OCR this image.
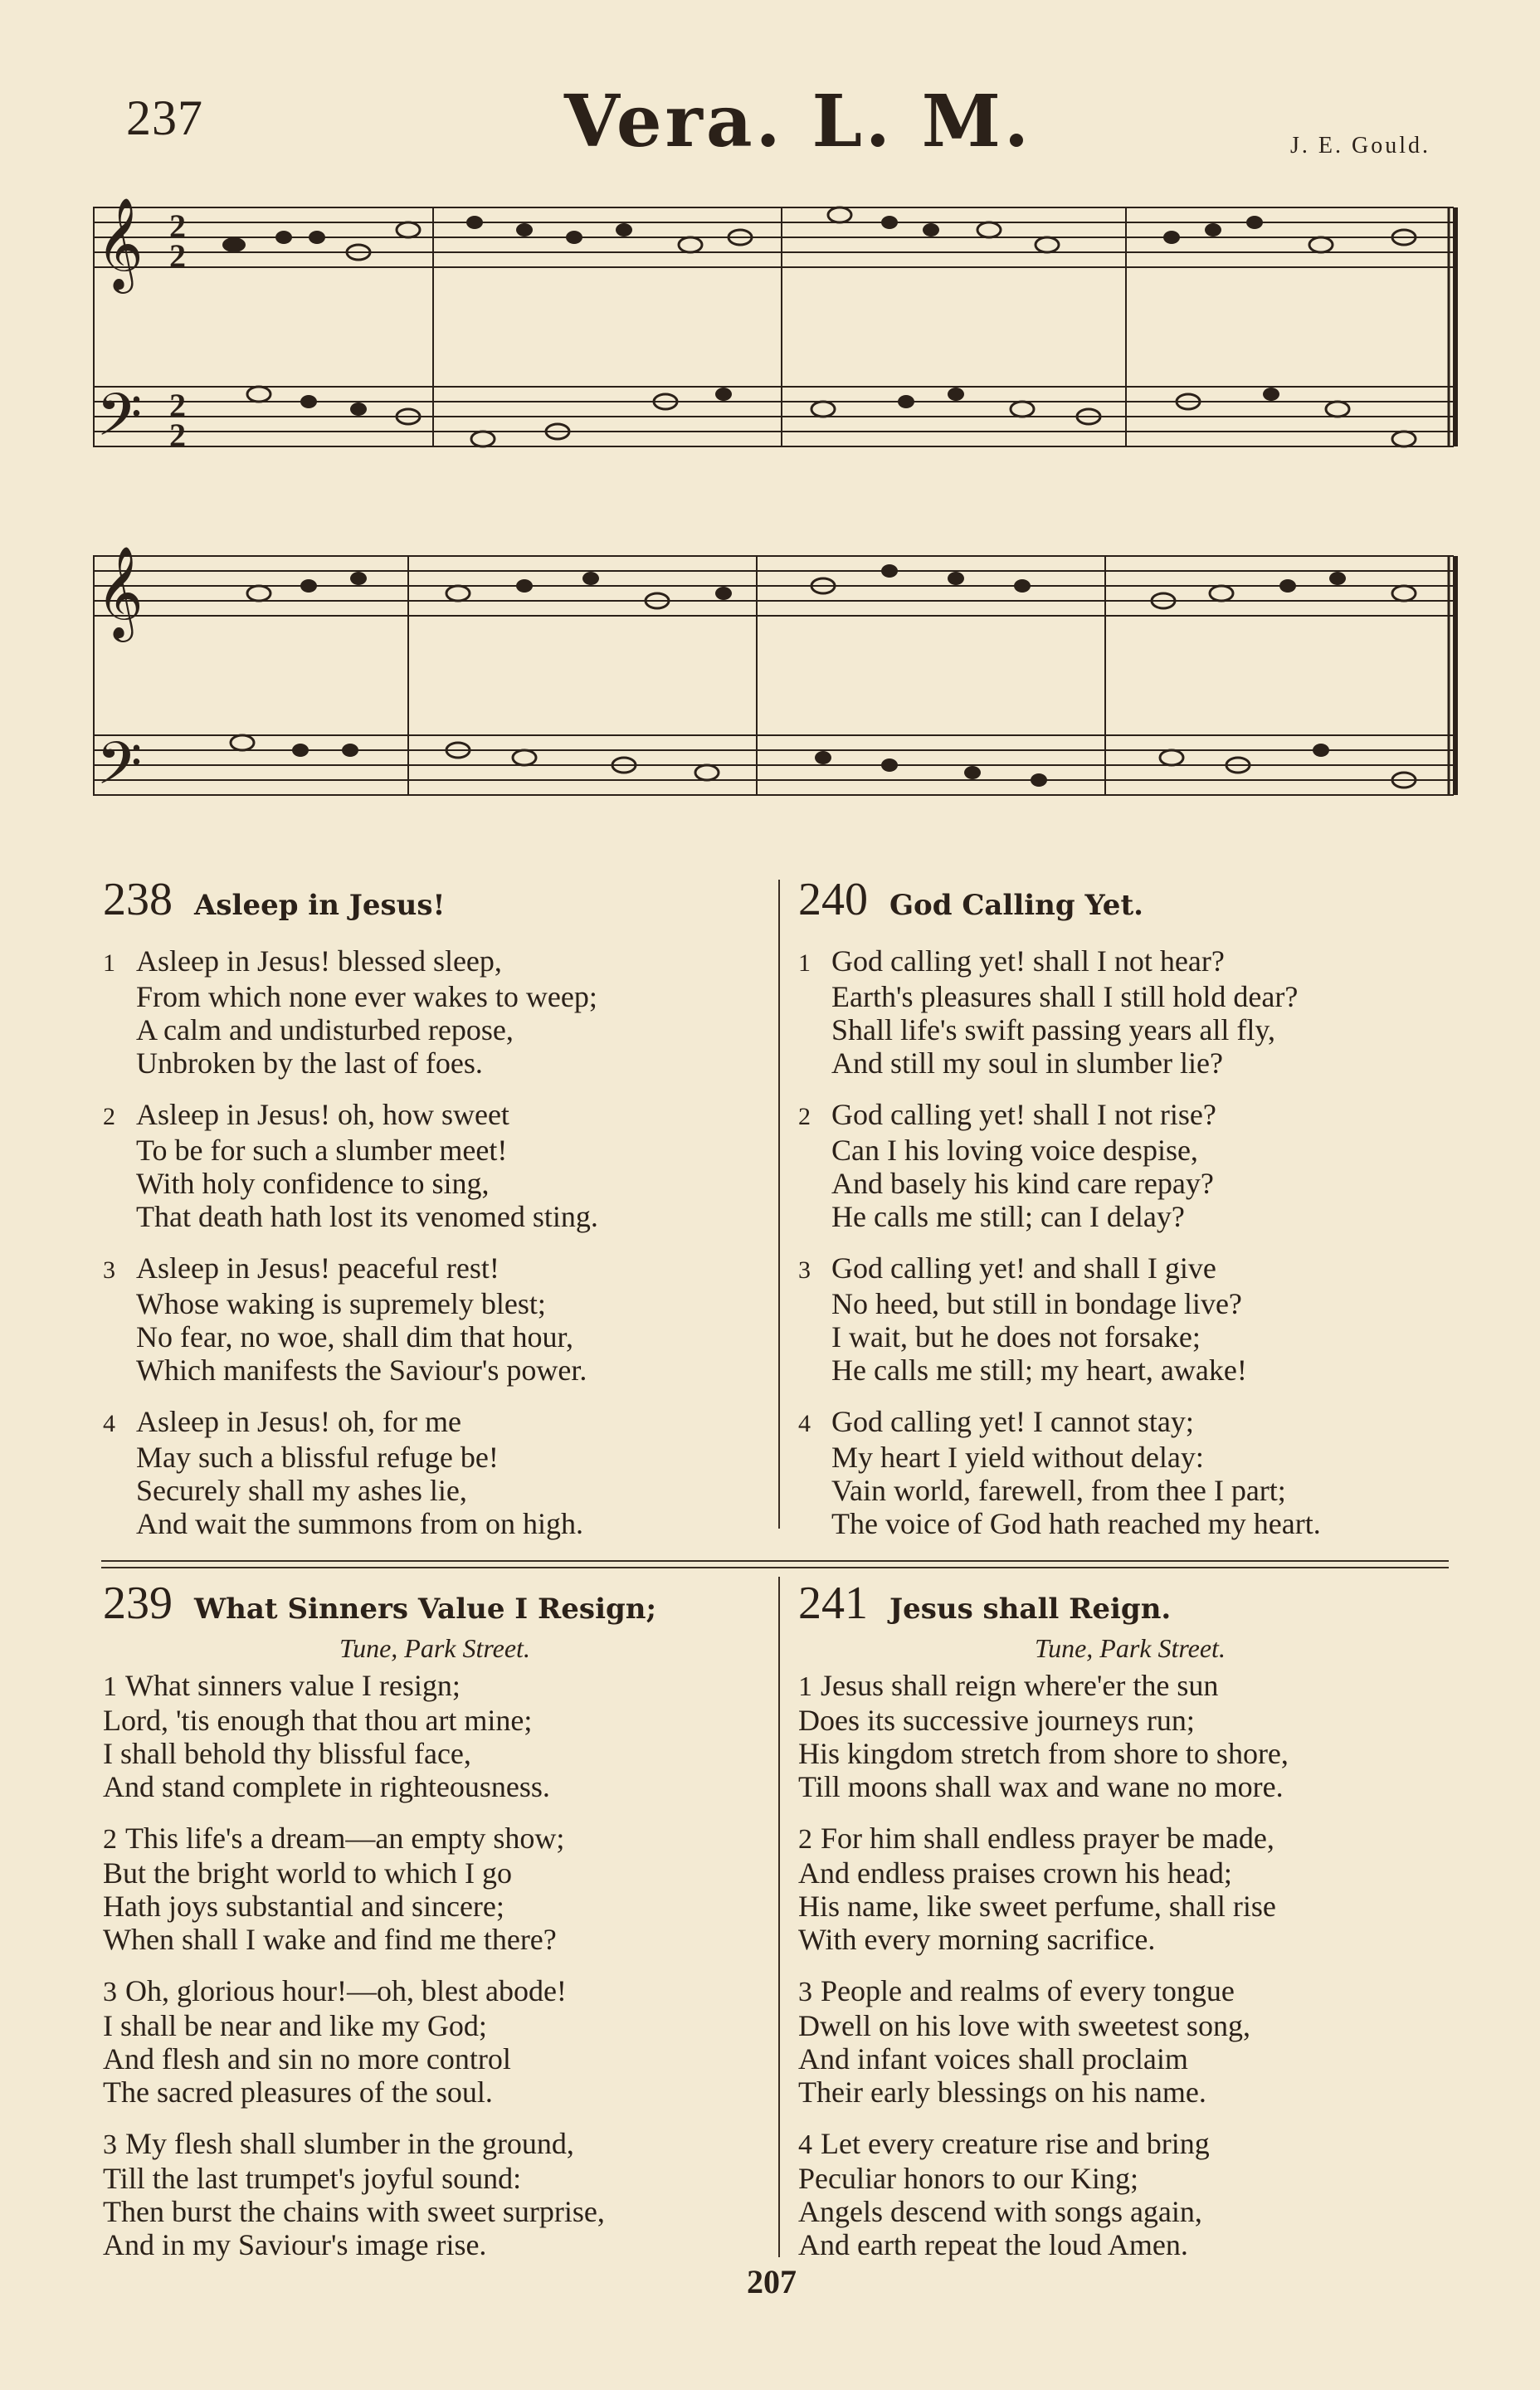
237	Vera. L. M.	J. E. Gould.
𝄞
𝄢
2
2
2
2
𝄞
𝄢
238 Asleep in Jesus!
1 Asleep in Jesus! blessed sleep,
From which none ever wakes to weep;
A calm and undisturbed repose,
Unbroken by the last of foes.
2 Asleep in Jesus! oh, how sweet
To be for such a slumber meet!
With holy confidence to sing,
That death hath lost its venomed sting.
3 Asleep in Jesus! peaceful rest!
Whose waking is supremely blest;
No fear, no woe, shall dim that hour,
Which manifests the Saviour's power.
4 Asleep in Jesus! oh, for me
May such a blissful refuge be!
Securely shall my ashes lie,
And wait the summons from on high.
240 God Calling Yet.
1 God calling yet! shall I not hear?
Earth's pleasures shall I still hold dear?
Shall life's swift passing years all fly,
And still my soul in slumber lie?
2 God calling yet! shall I not rise?
Can I his loving voice despise,
And basely his kind care repay?
He calls me still; can I delay?
3 God calling yet! and shall I give
No heed, but still in bondage live?
I wait, but he does not forsake;
He calls me still; my heart, awake!
4 God calling yet! I cannot stay;
My heart I yield without delay:
Vain world, farewell, from thee I part;
The voice of God hath reached my heart.
239 What Sinners Value I Resign;
Tune, Park Street.
1 What sinners value I resign;
Lord, 'tis enough that thou art mine;
I shall behold thy blissful face,
And stand complete in righteousness.
2 This life's a dream—an empty show;
But the bright world to which I go
Hath joys substantial and sincere;
When shall I wake and find me there?
3 Oh, glorious hour!—oh, blest abode!
I shall be near and like my God;
And flesh and sin no more control
The sacred pleasures of the soul.
3 My flesh shall slumber in the ground,
Till the last trumpet's joyful sound:
Then burst the chains with sweet surprise,
And in my Saviour's image rise.
241 Jesus shall Reign.
Tune, Park Street.
1 Jesus shall reign where'er the sun
Does its successive journeys run;
His kingdom stretch from shore to shore,
Till moons shall wax and wane no more.
2 For him shall endless prayer be made,
And endless praises crown his head;
His name, like sweet perfume, shall rise
With every morning sacrifice.
3 People and realms of every tongue
Dwell on his love with sweetest song,
And infant voices shall proclaim
Their early blessings on his name.
4 Let every creature rise and bring
Peculiar honors to our King;
Angels descend with songs again,
And earth repeat the loud Amen.
207
